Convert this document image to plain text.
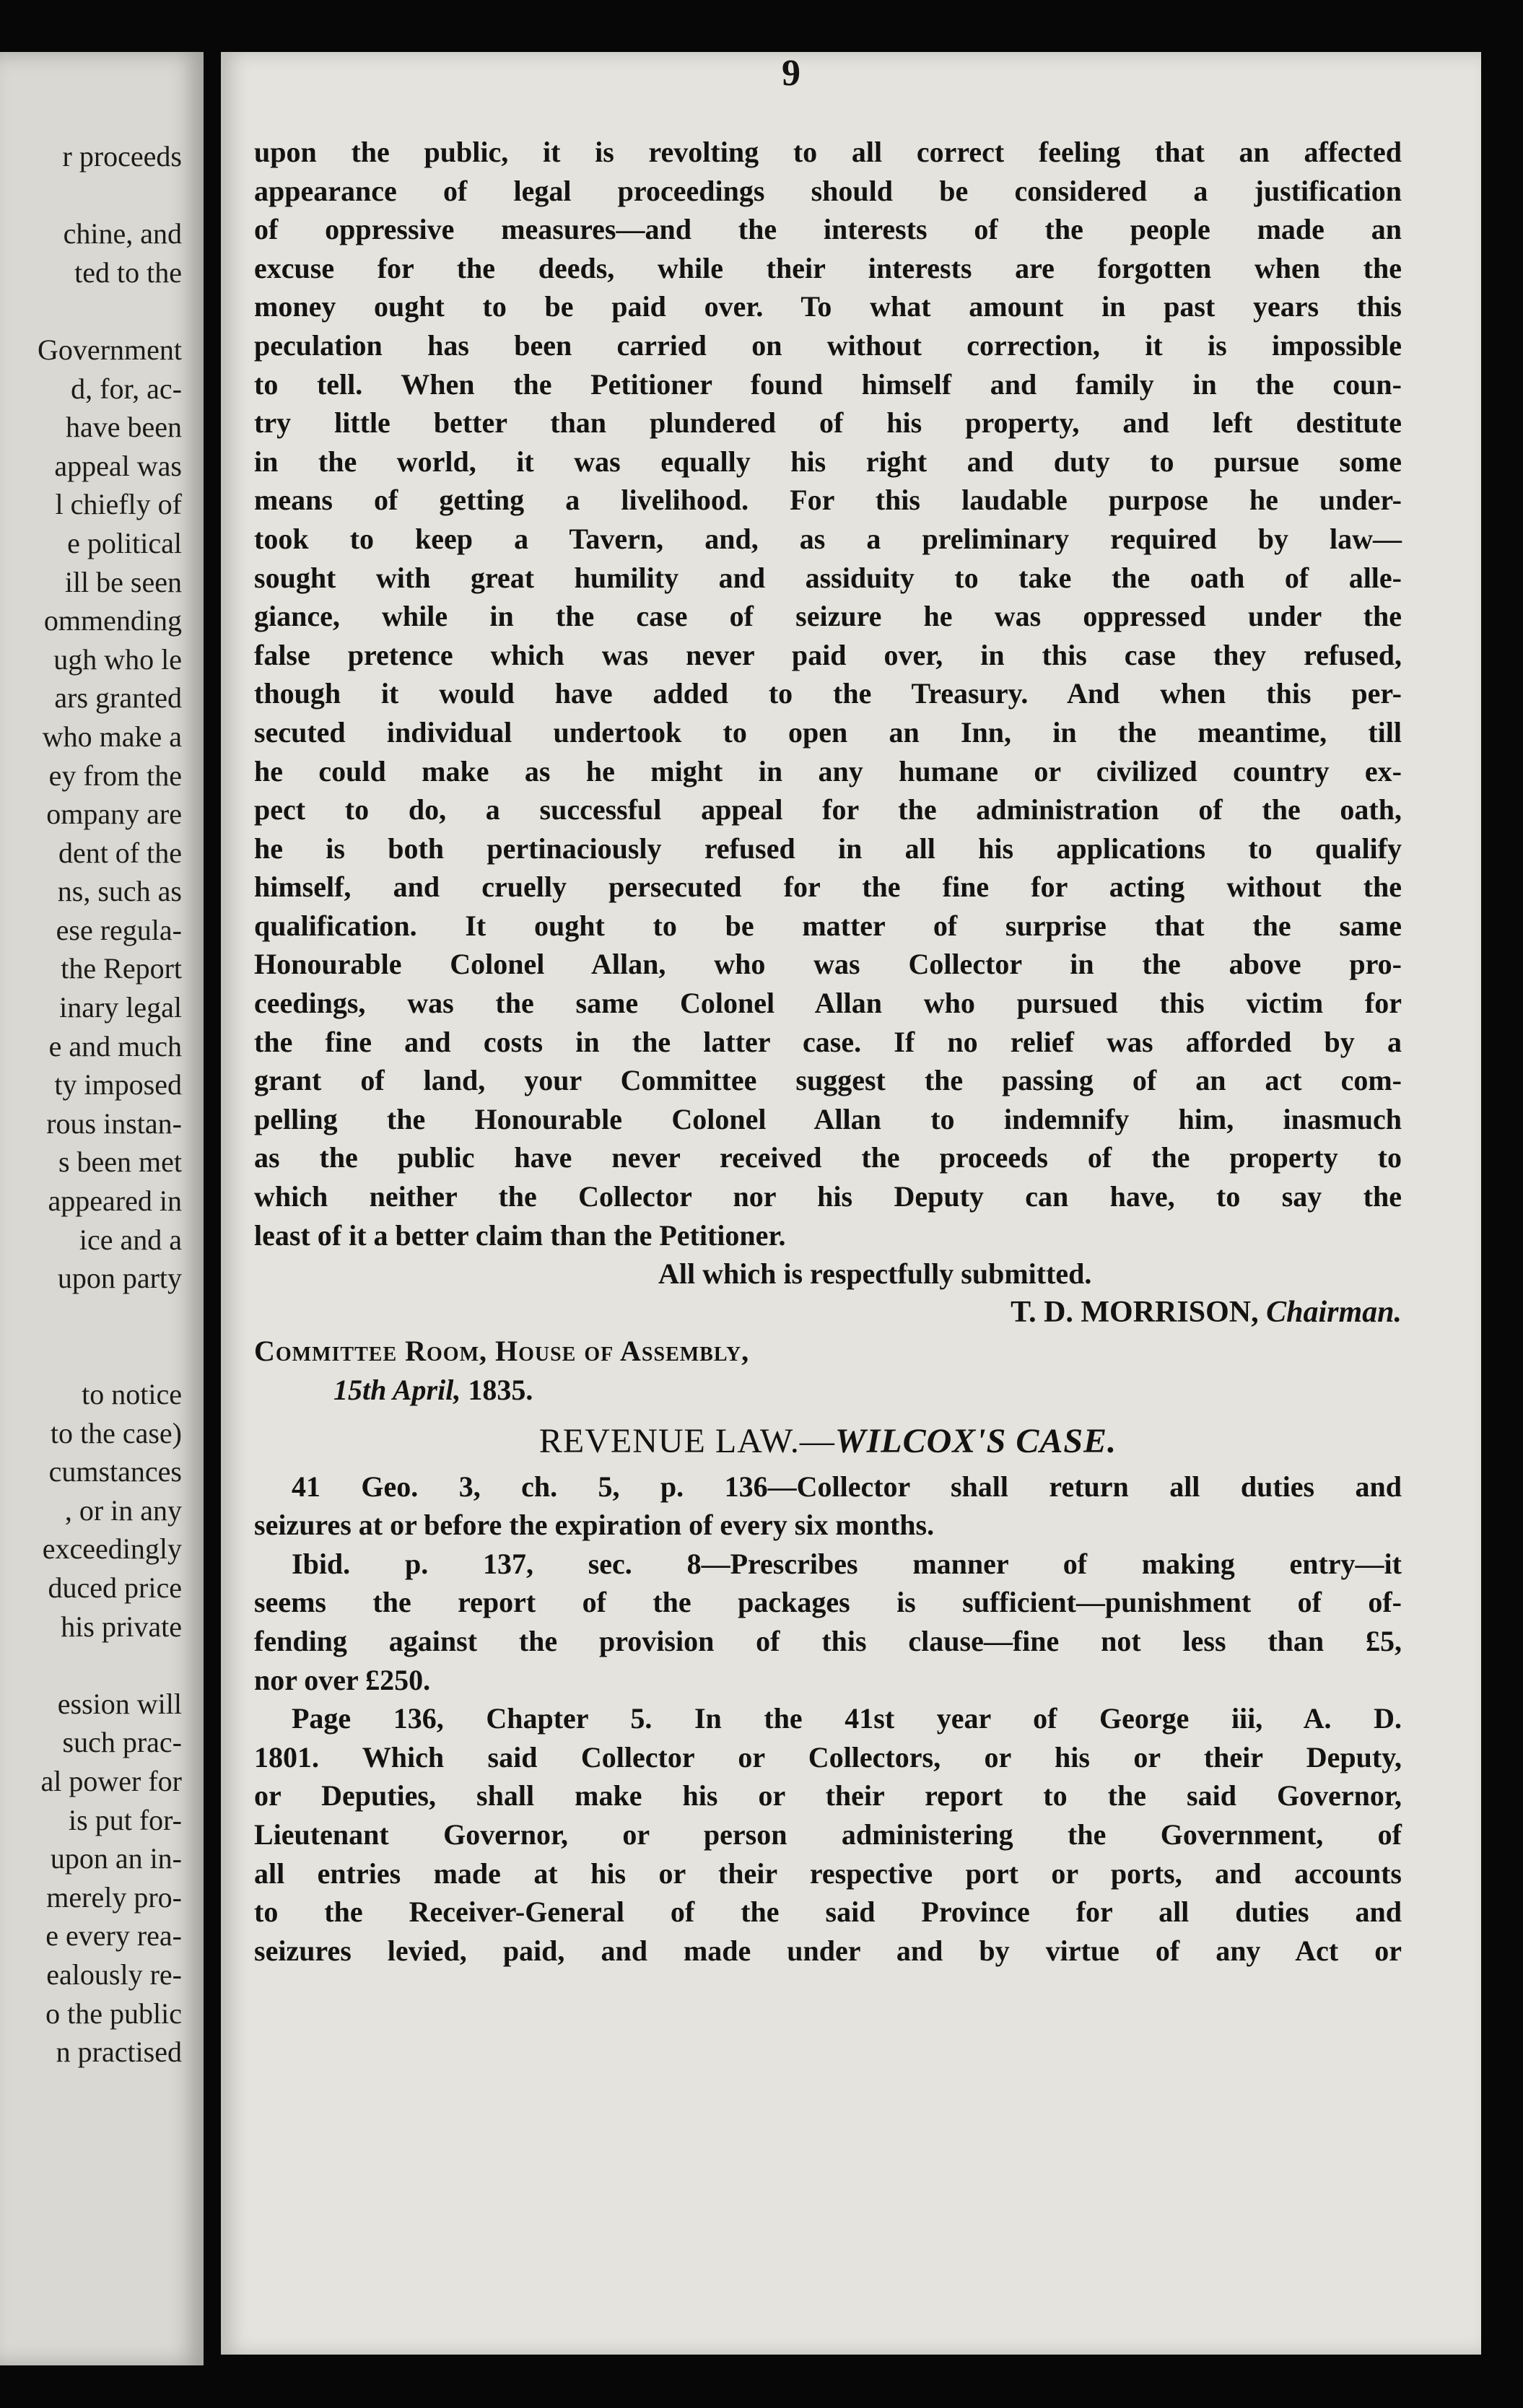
r proceeds

chine, and
ted to the

Government
d, for, ac-
have been
appeal was
l chiefly of
e political
ill be seen
ommending
ugh who le
ars granted
who make a
ey from the
ompany are
dent of the
ns, such as
ese regula-
the Report
inary legal
e and much
ty imposed
rous instan-
s been met
appeared in
ice and a
upon party

to notice
to the case)
cumstances
, or in any
exceedingly
duced price
his private

ession will
such prac-
al power for
is put for-
upon an in-
merely pro-
e every rea-
ealously re-
o the public
n practised
9
upon the public, it is revolting to all correct feeling that an affected
appearance of legal proceedings should be considered a justification
of oppressive measures—and the interests of the people made an
excuse for the deeds, while their interests are forgotten when the
money ought to be paid over. To what amount in past years this
peculation has been carried on without correction, it is impossible
to tell. When the Petitioner found himself and family in the coun-
try little better than plundered of his property, and left destitute
in the world, it was equally his right and duty to pursue some
means of getting a livelihood. For this laudable purpose he under-
took to keep a Tavern, and, as a preliminary required by law—
sought with great humility and assiduity to take the oath of alle-
giance, while in the case of seizure he was oppressed under the
false pretence which was never paid over, in this case they refused,
though it would have added to the Treasury. And when this per-
secuted individual undertook to open an Inn, in the meantime, till
he could make as he might in any humane or civilized country ex-
pect to do, a successful appeal for the administration of the oath,
he is both pertinaciously refused in all his applications to qualify
himself, and cruelly persecuted for the fine for acting without the
qualification. It ought to be matter of surprise that the same
Honourable Colonel Allan, who was Collector in the above pro-
ceedings, was the same Colonel Allan who pursued this victim for
the fine and costs in the latter case. If no relief was afforded by a
grant of land, your Committee suggest the passing of an act com-
pelling the Honourable Colonel Allan to indemnify him, inasmuch
as the public have never received the proceeds of the property to
which neither the Collector nor his Deputy can have, to say the
least of it a better claim than the Petitioner.
All which is respectfully submitted.
T. D. MORRISON, Chairman.
Committee Room, House of Assembly,
15th April, 1835.
REVENUE LAW.—WILCOX'S CASE.
41 Geo. 3, ch. 5, p. 136—Collector shall return all duties and
seizures at or before the expiration of every six months.
Ibid. p. 137, sec. 8—Prescribes manner of making entry—it
seems the report of the packages is sufficient—punishment of of-
fending against the provision of this clause—fine not less than £5,
nor over £250.
Page 136, Chapter 5. In the 41st year of George iii, A. D.
1801. Which said Collector or Collectors, or his or their Deputy,
or Deputies, shall make his or their report to the said Governor,
Lieutenant Governor, or person administering the Government, of
all entries made at his or their respective port or ports, and accounts
to the Receiver-General of the said Province for all duties and
seizures levied, paid, and made under and by virtue of any Act or
